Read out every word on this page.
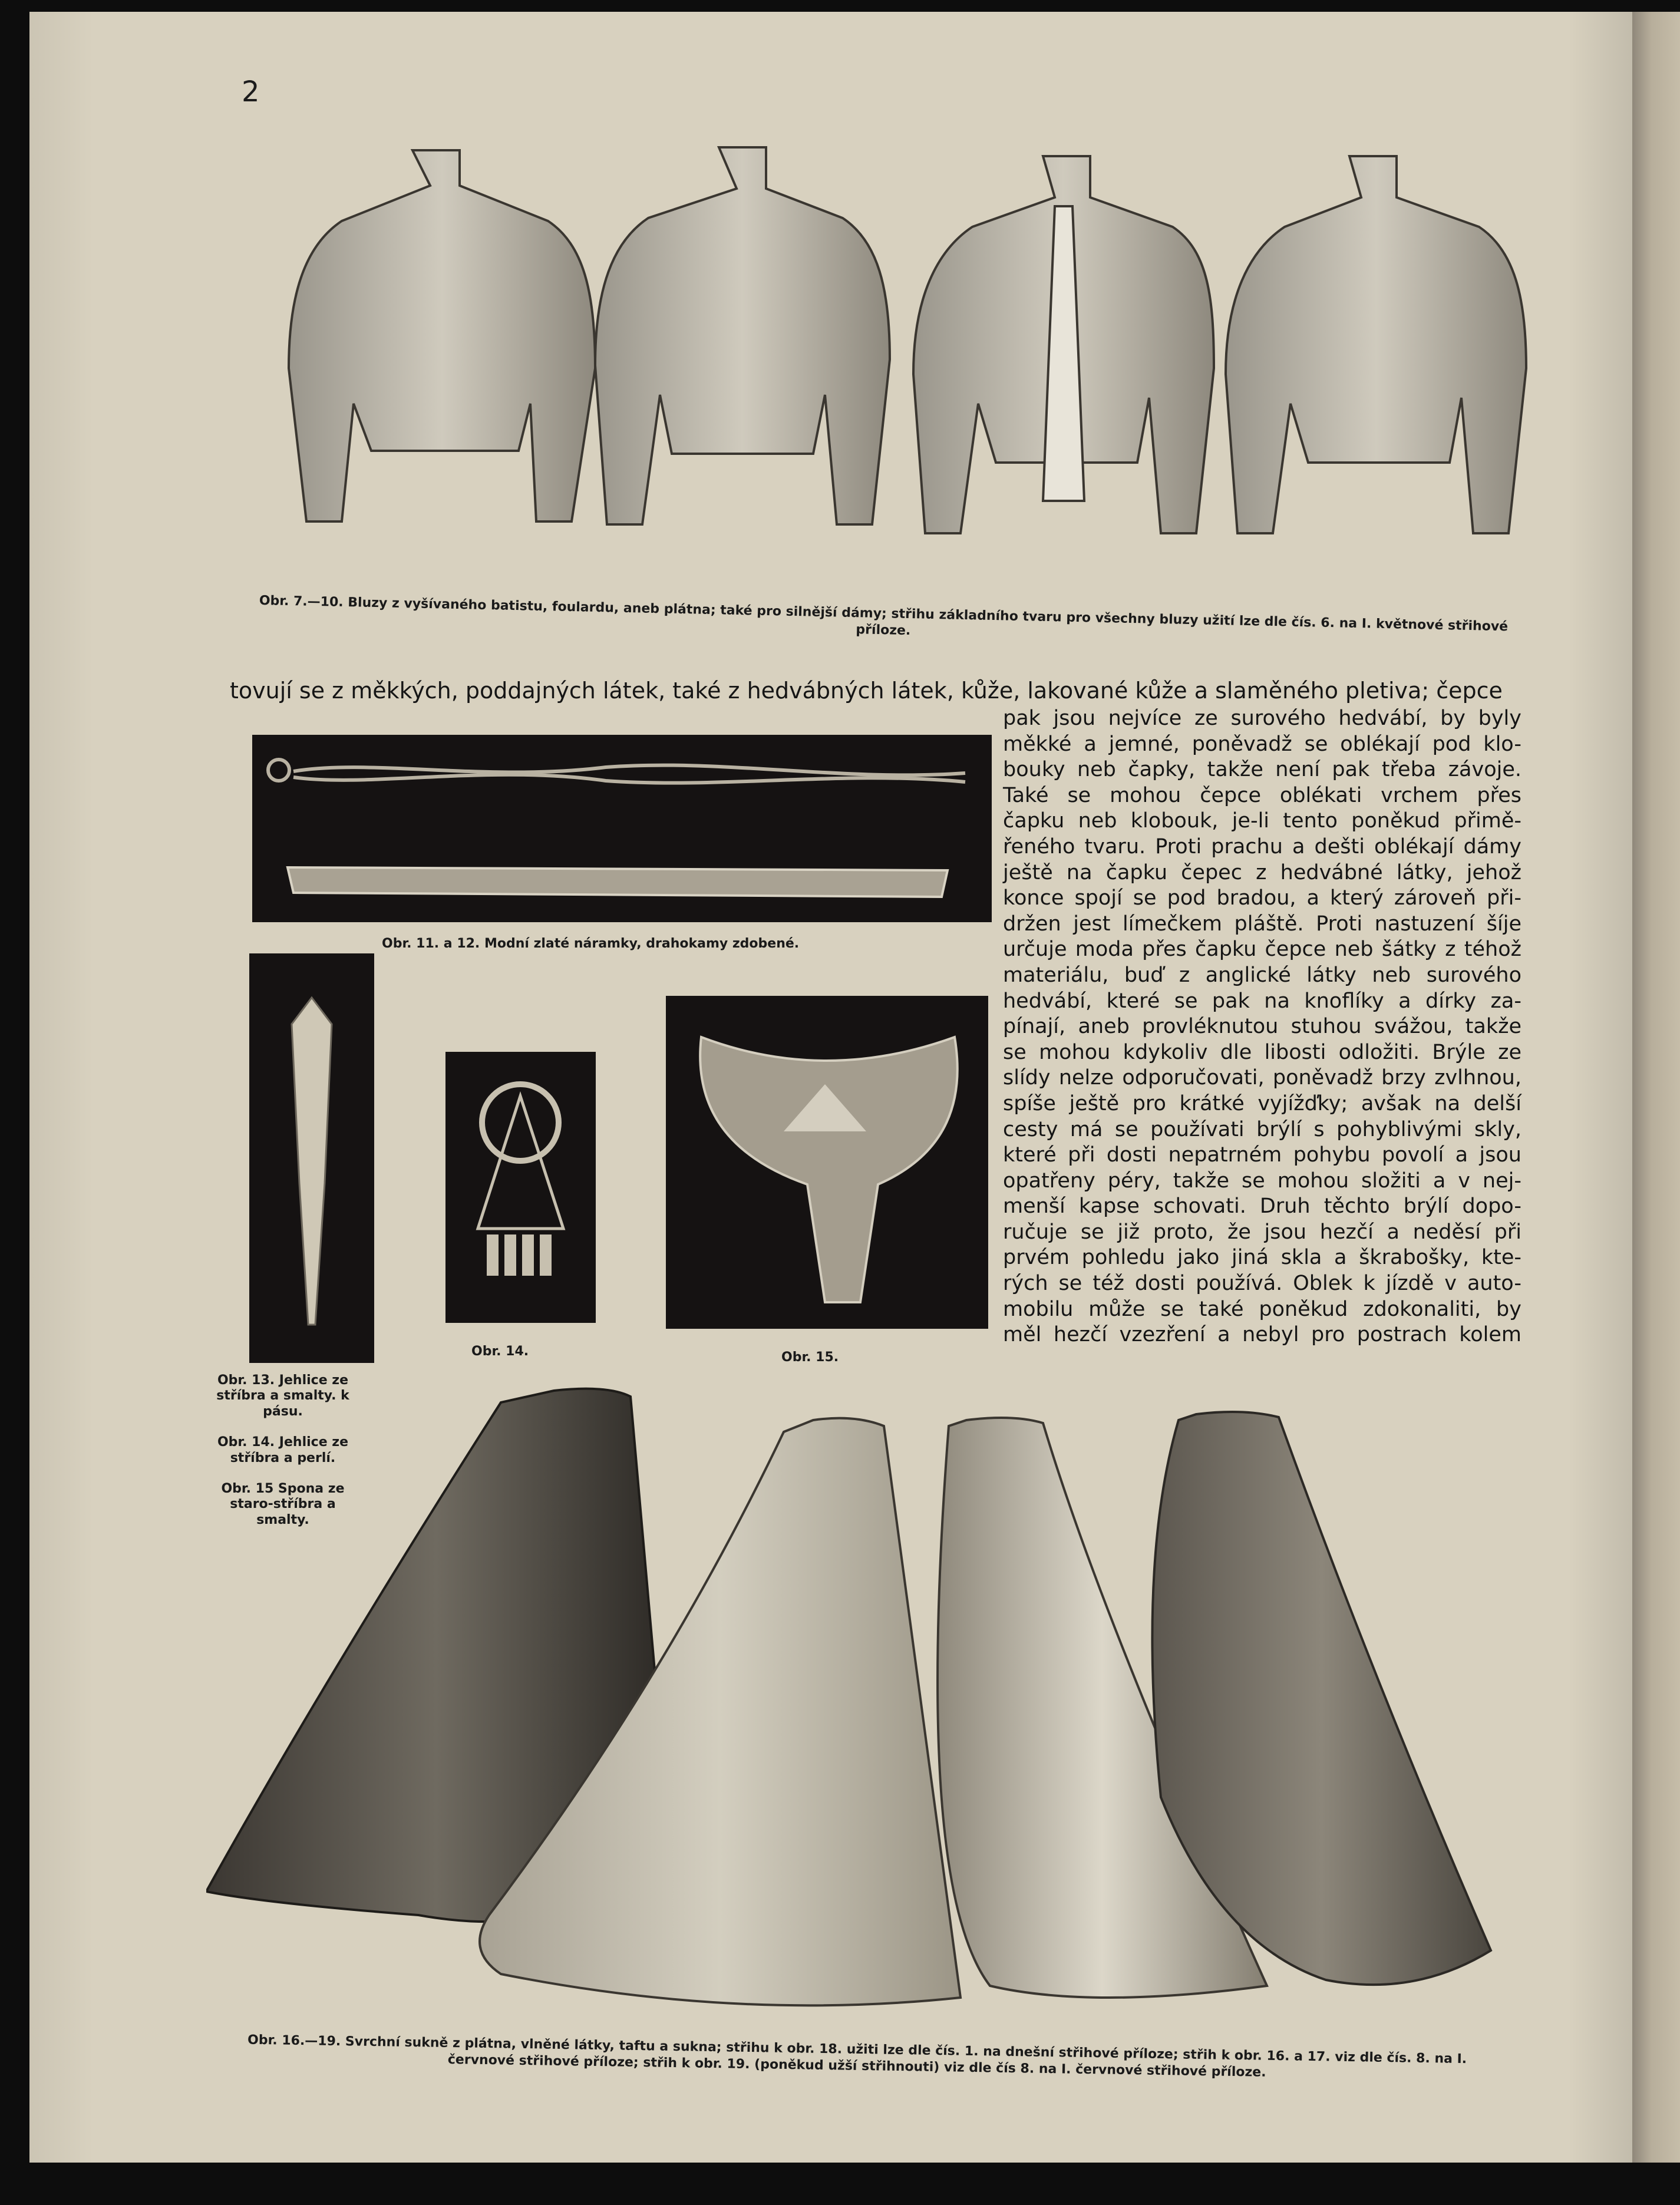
2
Obr. 7.—10. Bluzy z vyšívaného batistu, foulardu, aneb plátna; také pro silnější dámy; střihu základního tvaru pro všechny bluzy užití lze dle čís. 6. na I. květnové střihové příloze.
tovují se z měkkých, poddajných látek, také z hedvábných látek, kůže, lakované kůže a slaměného pletiva; čepce
Obr. 11. a 12. Modní zlaté náramky, drahokamy zdobené.
Obr. 14.	Obr. 15.

Obr. 13. Jehlice ze stříbra a smalty. k pásu.

Obr. 14. Jehlice ze stříbra a perlí.

Obr. 15 Spona ze staro-stříbra a smalty.

pak jsou nejvíce ze surového hedvábí, by byly
měkké a jemné, poněvadž se oblékají pod klo-
bouky neb čapky, takže není pak třeba závoje.
Také se mohou čepce oblékati vrchem přes
čapku neb klobouk, je-li tento poněkud přimě-
řeného tvaru. Proti prachu a dešti oblékají dámy
ještě na čapku čepec z hedvábné látky, jehož
konce spojí se pod bradou, a který zároveň při-
držen jest límečkem pláště. Proti nastuzení šíje
určuje moda přes čapku čepce neb šátky z téhož
materiálu, buď z anglické látky neb surového
hedvábí, které se pak na knoflíky a dírky za-
pínají, aneb provléknutou stuhou svážou, takže
se mohou kdykoliv dle libosti odložiti. Brýle ze
slídy nelze odporučovati, poněvadž brzy zvlhnou,
spíše ještě pro krátké vyjížďky; avšak na delší
cesty má se používati brýlí s pohyblivými skly,
které při dosti nepatrném pohybu povolí a jsou
opatřeny péry, takže se mohou složiti a v nej-
menší kapse schovati. Druh těchto brýlí dopo-
ručuje se již proto, že jsou hezčí a neděsí při
prvém pohledu jako jiná skla a škrabošky, kte-
rých se též dosti používá. Oblek k jízdě v auto-
mobilu může se také poněkud zdokonaliti, by
měl hezčí vzezření a nebyl pro postrach kolem
Obr. 16.—19. Svrchní sukně z plátna, vlněné látky, taftu a sukna; střihu k obr. 18. užiti lze dle čís. 1. na dnešní střihové příloze; střih k obr. 16. a 17. viz dle čís. 8. na I. červnové střihové příloze; střih k obr. 19. (poněkud užší střihnouti) viz dle čís 8. na I. červnové střihové příloze.
